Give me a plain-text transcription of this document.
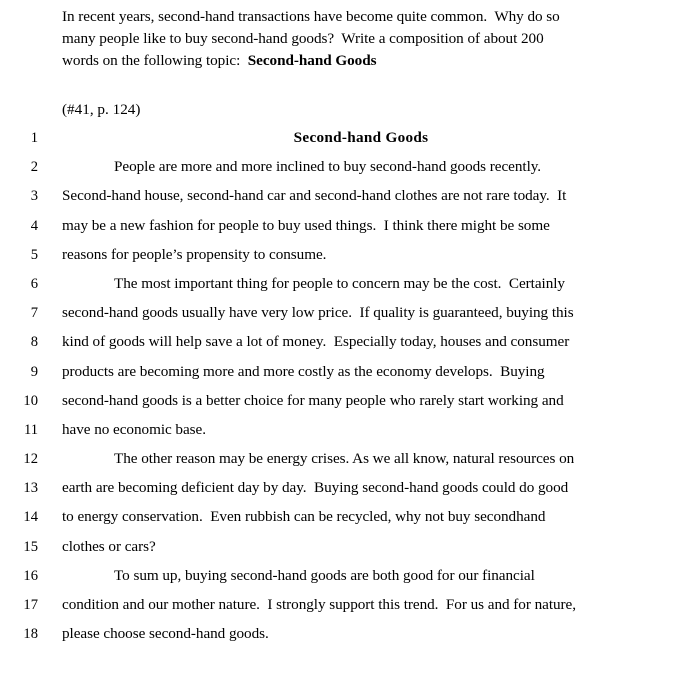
In recent years, second-hand transactions have become quite common.  Why do so
many people like to buy second-hand goods?  Write a composition of about 200
words on the following topic:  Second-hand Goods
(#41, p. 124)
1	Second-hand Goods
2	People are more and more inclined to buy second-hand goods recently.
3 Second-hand house, second-hand car and second-hand clothes are not rare today.  It
4 may be a new fashion for people to buy used things.  I think there might be some
5 reasons for people’s propensity to consume.
6	The most important thing for people to concern may be the cost.  Certainly
7 second-hand goods usually have very low price.  If quality is guaranteed, buying this
8 kind of goods will help save a lot of money.  Especially today, houses and consumer
9 products are becoming more and more costly as the economy develops.  Buying
10 second-hand goods is a better choice for many people who rarely start working and
11 have no economic base.
12	The other reason may be energy crises. As we all know, natural resources on
13 earth are becoming deficient day by day.  Buying second-hand goods could do good
14 to energy conservation.  Even rubbish can be recycled, why not buy secondhand
15 clothes or cars?
16	To sum up, buying second-hand goods are both good for our financial
17 condition and our mother nature.  I strongly support this trend.  For us and for nature,
18 please choose second-hand goods.
